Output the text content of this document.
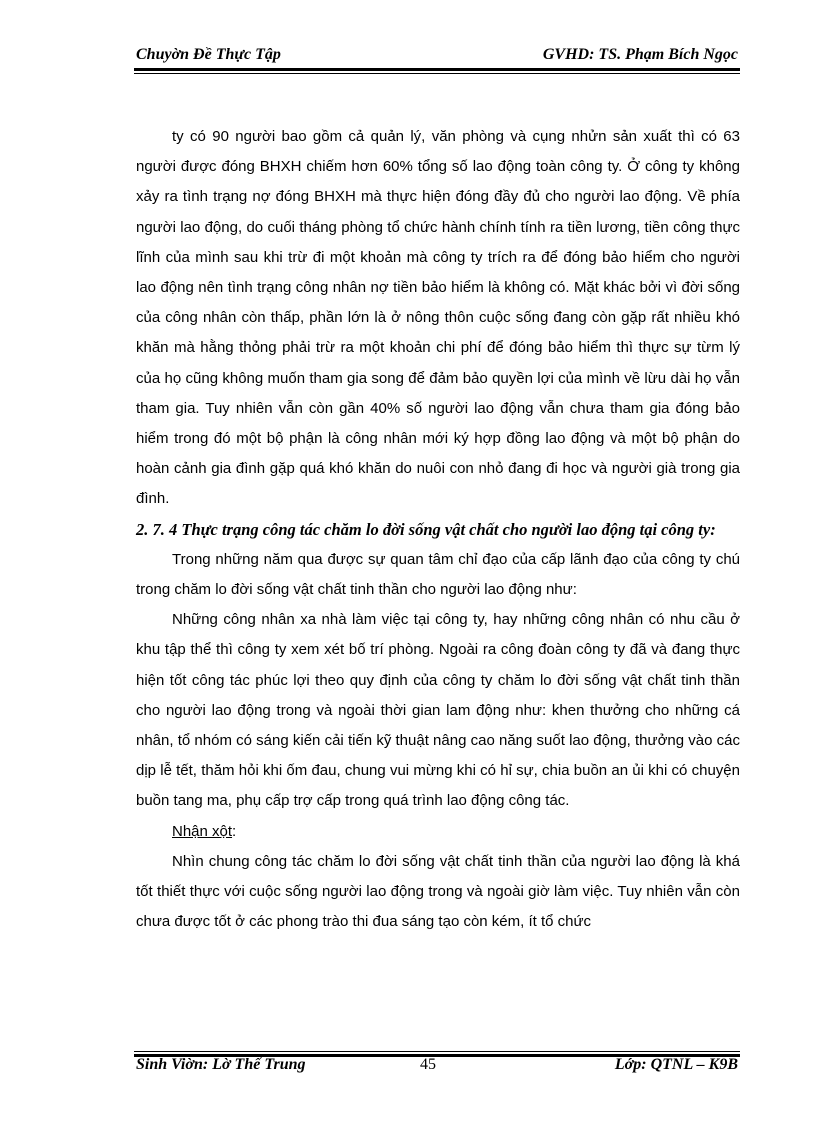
Chuyờn Đề Thực Tập	GVHD: TS. Phạm Bích Ngọc

ty có 90 người bao gồm cả quản lý, văn phòng và cụng nhửn sản xuất thì có 63 người được đóng BHXH chiếm hơn 60% tổng số lao động toàn công ty. Ở công ty không xảy ra tình trạng nợ đóng BHXH mà thực hiện đóng đầy đủ cho người lao động. Về phía người lao động, do cuối tháng phòng tổ chức hành chính tính ra tiền lương, tiền công thực lĩnh của mình sau khi trừ đi một khoản mà công ty trích ra để đóng bảo hiểm cho người lao động nên tình trạng công nhân nợ tiền bảo hiểm là không có. Mặt khác bởi vì đời sống của công nhân còn thấp, phần lớn là ở nông thôn cuộc sống đang còn gặp rất nhiều khó khăn mà hằng thỏng phải trừ ra một khoản chi phí để đóng bảo hiểm thì thực sự từm lý của họ cũng không muốn tham gia song để đảm bảo quyền lợi của mình về lừu dài họ vẫn tham gia. Tuy nhiên vẫn còn gần 40% số người lao động vẫn chưa tham gia đóng bảo hiểm trong đó một bộ phận là công nhân mới ký hợp đồng lao động và một bộ phận do hoàn cảnh gia đình gặp quá khó khăn do nuôi con nhỏ đang đi học và người già trong gia đình.

2. 7. 4 Thực trạng công tác chăm lo đời sống vật chất cho người lao động tại công ty:

Trong những năm qua được sự quan tâm chỉ đạo của cấp lãnh đạo của công ty chú trong chăm lo đời sống vật chất tinh thần cho người lao động như:

Những công nhân xa nhà làm việc tại công ty, hay những công nhân có nhu cầu ở khu tập thể thì công ty xem xét bố trí phòng. Ngoài ra công đoàn công ty đã và đang thực hiện tốt công tác phúc lợi theo quy định của công ty chăm lo đời sống vật chất tinh thần cho người lao động trong và ngoài thời gian lam động như: khen thưởng cho những cá nhân, tổ nhóm có sáng kiến cải tiến kỹ thuật nâng cao năng suốt lao động, thưởng vào các dịp lễ tết, thăm hỏi khi ốm đau, chung vui mừng khi có hỉ sự, chia buồn an ủi khi có chuyện buồn tang ma, phụ cấp trợ cấp trong quá trình lao động công tác.

Nhận xột:

Nhìn chung công tác chăm lo đời sống vật chất tinh thần của người lao động là khá tốt thiết thực với cuộc sống người lao động trong và ngoài giờ làm việc. Tuy nhiên vẫn còn chưa được tốt ở các phong trào thi đua sáng tạo còn kém, ít tổ chức

Sinh Viờn: Lờ Thế Trung	45	Lớp: QTNL – K9B
